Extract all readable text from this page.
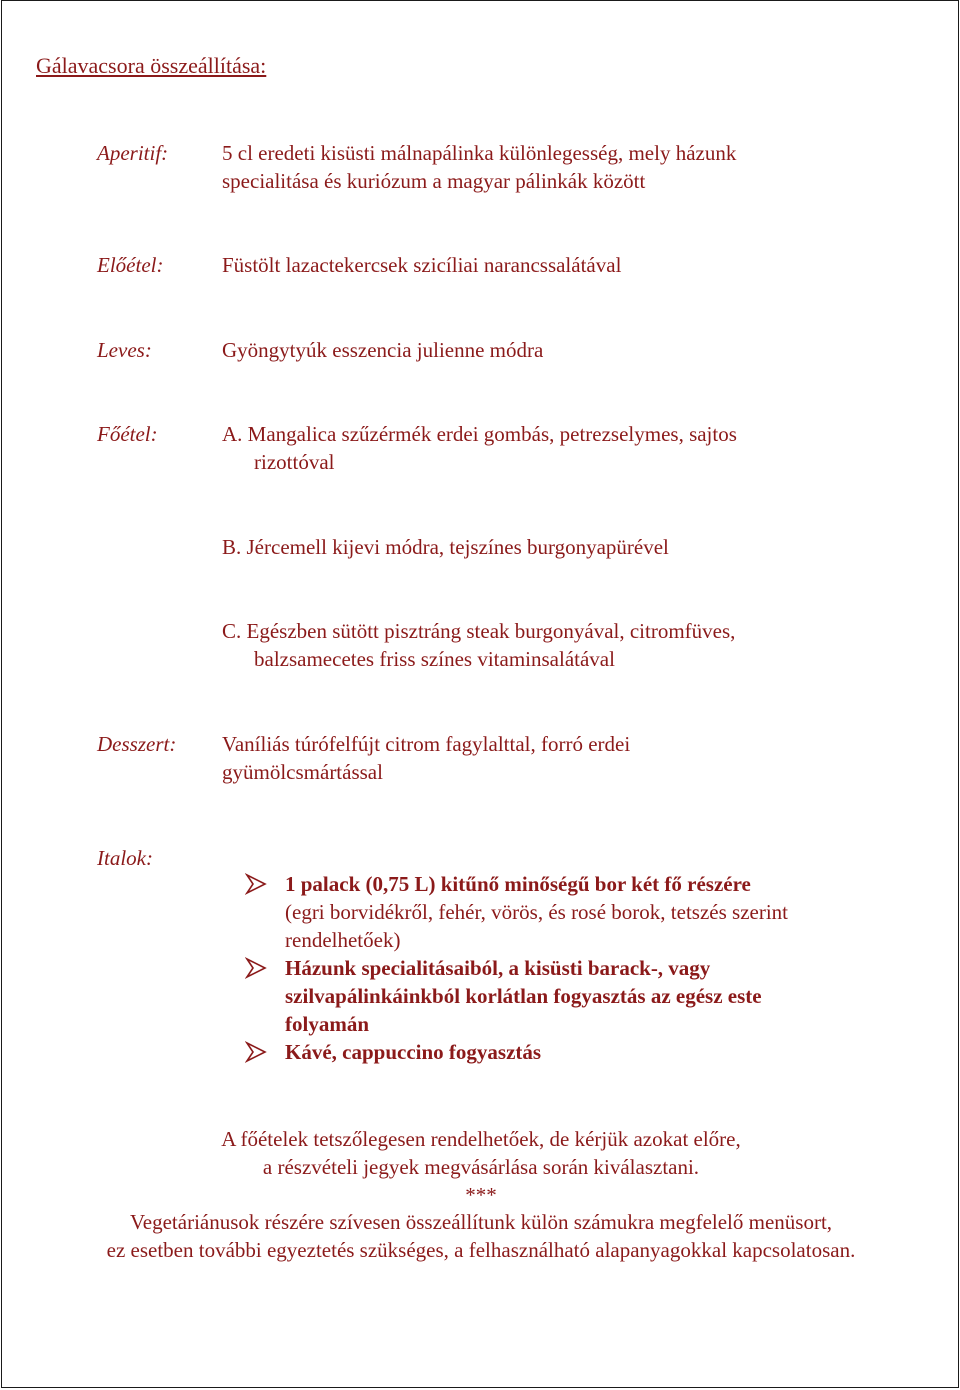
Gálavacsora összeállítása:
Aperitif:	5 cl eredeti kisüsti málnapálinka különlegesség, mely házunk
specialitása és kuriózum a magyar pálinkák között
Előétel:	Füstölt lazactekercsek szicíliai narancssalátával
Leves:	Gyöngytyúk esszencia julienne módra
Főétel:	A. Mangalica szűzérmék erdei gombás, petrezselymes, sajtos
rizottóval
B. Jércemell kijevi módra, tejszínes burgonyapürével
C. Egészben sütött pisztráng steak burgonyával, citromfüves,
balzsamecetes friss színes vitaminsalátával
Desszert:	Vaníliás túrófelfújt citrom fagylalttal, forró erdei
gyümölcsmártással
Italok:
1 palack (0,75 L) kitűnő minőségű bor két fő részére
(egri borvidékről, fehér, vörös, és rosé borok, tetszés szerint
rendelhetőek)
Házunk specialitásaiból, a kisüsti barack-, vagy
szilvapálinkáinkból korlátlan fogyasztás az egész este
folyamán
Kávé, cappuccino fogyasztás
A főételek tetszőlegesen rendelhetőek, de kérjük azokat előre,
a részvételi jegyek megvásárlása során kiválasztani.
***
Vegetáriánusok részére szívesen összeállítunk külön számukra megfelelő menüsort,
ez esetben további egyeztetés szükséges, a felhasználható alapanyagokkal kapcsolatosan.
